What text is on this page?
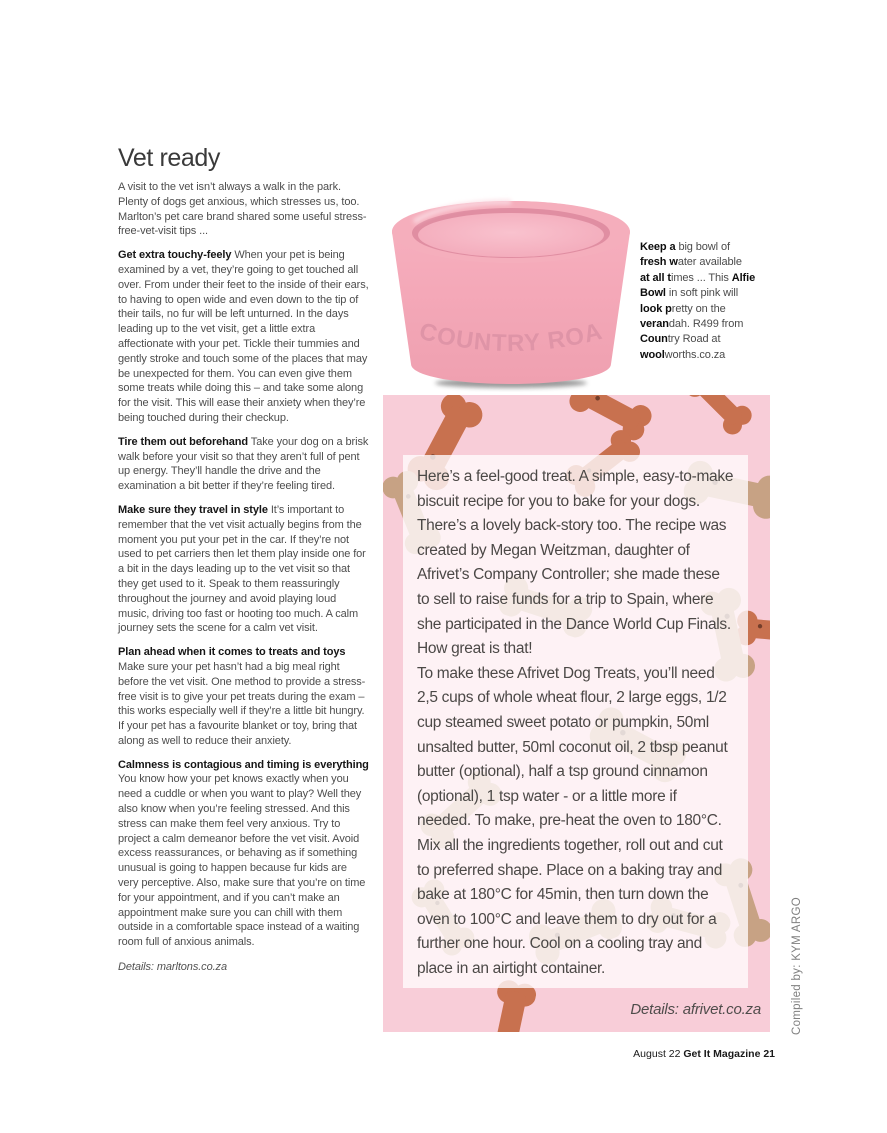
Vet ready

A visit to the vet isn’t always a walk in the park. Plenty of dogs get anxious, which stresses us, too. Marlton’s pet care brand shared some useful stress-free-vet-visit tips ...

Get extra touchy-feely When your pet is being examined by a vet, they’re going to get touched all over. From under their feet to the inside of their ears, to having to open wide and even down to the tip of their tails, no fur will be left unturned. In the days leading up to the vet visit, get a little extra affectionate with your pet. Tickle their tummies and gently stroke and touch some of the places that may be unexpected for them. You can even give them some treats while doing this – and take some along for the visit. This will ease their anxiety when they’re being touched during their checkup.

Tire them out beforehand Take your dog on a brisk walk before your visit so that they aren’t full of pent up energy. They’ll handle the drive and the examination a bit better if they’re feeling tired.

Make sure they travel in style It’s important to remember that the vet visit actually begins from the moment you put your pet in the car. If they’re not used to pet carriers then let them play inside one for a bit in the days leading up to the vet visit so that they get used to it. Speak to them reassuringly throughout the journey and avoid playing loud music, driving too fast or hooting too much. A calm journey sets the scene for a calm vet visit.

Plan ahead when it comes to treats and toys Make sure your pet hasn’t had a big meal right before the vet visit. One method to provide a stress-free visit is to give your pet treats during the exam – this works especially well if they’re a little bit hungry. If your pet has a favourite blanket or toy, bring that along as well to reduce their anxiety.

Calmness is contagious and timing is everything You know how your pet knows exactly when you need a cuddle or when you want to play? Well they also know when you’re feeling stressed. And this stress can make them feel very anxious. Try to project a calm demeanor before the vet visit. Avoid excess reassurances, or behaving as if something unusual is going to happen because fur kids are very perceptive. Also, make sure that you’re on time for your appointment, and if you can’t make an appointment make sure you can chill with them outside in a comfortable space instead of a waiting room full of anxious animals.

Details: marltons.co.za

COUNTRY ROA
Keep a big bowl of
fresh water available
at all times ... This Alfie
Bowl in soft pink will
look pretty on the
verandah. R499 from
Country Road at
woolworths.co.za

Here’s a feel-good treat. A simple, easy-to-make biscuit recipe for you to bake for your dogs. There’s a lovely back-story too. The recipe was created by Megan Weitzman, daughter of Afrivet’s Company Controller; she made these to sell to raise funds for a trip to Spain, where she participated in the Dance World Cup Finals. How great is that!

To make these Afrivet Dog Treats, you’ll need 2,5 cups of whole wheat flour, 2 large eggs, 1/2 cup steamed sweet potato or pumpkin, 50ml unsalted butter, 50ml coconut oil, 2 tbsp peanut butter (optional), half a tsp ground cinnamon (optional), 1 tsp water - or a little more if needed. To make, pre-heat the oven to 180°C. Mix all the ingredients together, roll out and cut to preferred shape. Place on a baking tray and bake at 180°C for 45min, then turn down the oven to 100°C and leave them to dry out for a further one hour. Cool on a cooling tray and place in an airtight container.

Details: afrivet.co.za	Compiled by: KYM ARGO
August 22 Get It Magazine 21
